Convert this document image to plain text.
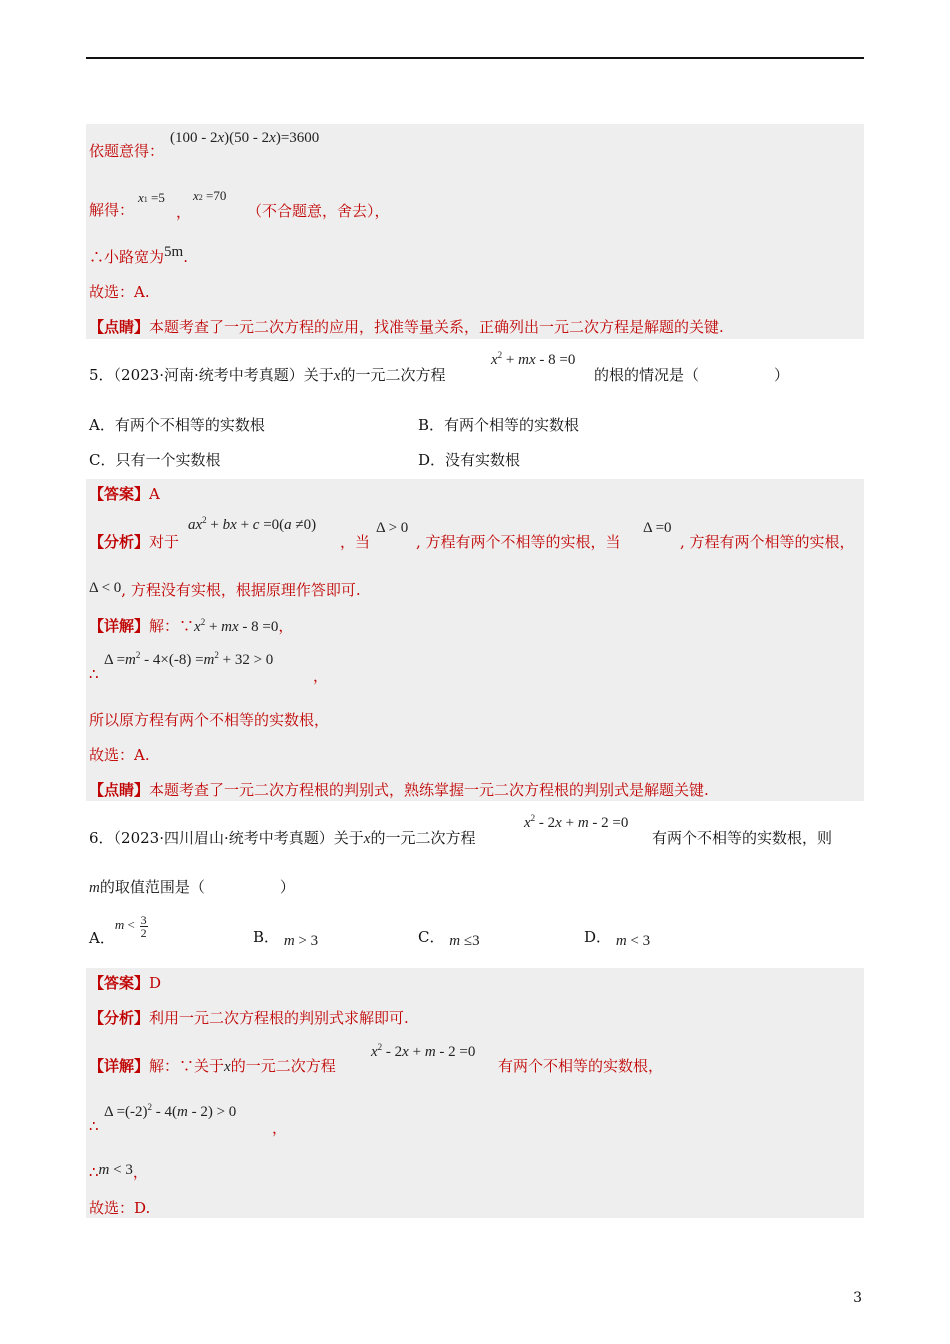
依题意得：
(100 - 2x)(50 - 2x)=3600
解得：
x1 =5
，
x2 =70
（不合题意，舍去），
∴小路宽为5m.
故选：A.
【点睛】本题考查了一元二次方程的应用，找准等量关系，正确列出一元二次方程是解题的关键.
5．（2023·河南·统考中考真题）关于x的一元二次方程
$x^2$ + mx - 8 =0
的根的情况是（　　　　　）
A．有两个不相等的实数根	B．有两个相等的实数根
C．只有一个实数根	D．没有实数根
【答案】A
【分析】对于
$ax^2$ + bx + c =0(a ≠0)
，当
Δ > 0
, 方程有两个不相等的实根，当
Δ =0
, 方程有两个相等的实根，
Δ < 0, 方程没有实根，根据原理作答即可.
【详解】解：$\because x^2$ + mx - 8 =0，
∴
$\Delta =m^2 - 4\times(-8) =m^2 + 32 > 0$
，
所以原方程有两个不相等的实数根，
故选：A.
【点睛】本题考查了一元二次方程根的判别式，熟练掌握一元二次方程根的判别式是解题关键.
6．（2023·四川眉山·统考中考真题）关于x的一元二次方程
$x^2 - 2x + m - 2 =0$
有两个不相等的实数根，则
m的取值范围是（　　　　　）
A．$m < \frac{3}{2}$	B． m > 3	C． m ≤3	D． m < 3
【答案】D
【分析】利用一元二次方程根的判别式求解即可.
【详解】解：∵关于x的一元二次方程
$x^2 - 2x + m - 2 =0$
有两个不相等的实数根，
∴
$\Delta =(-2)^2 - 4(m - 2) > 0$
，
∴m < 3，
故选：D.
3
